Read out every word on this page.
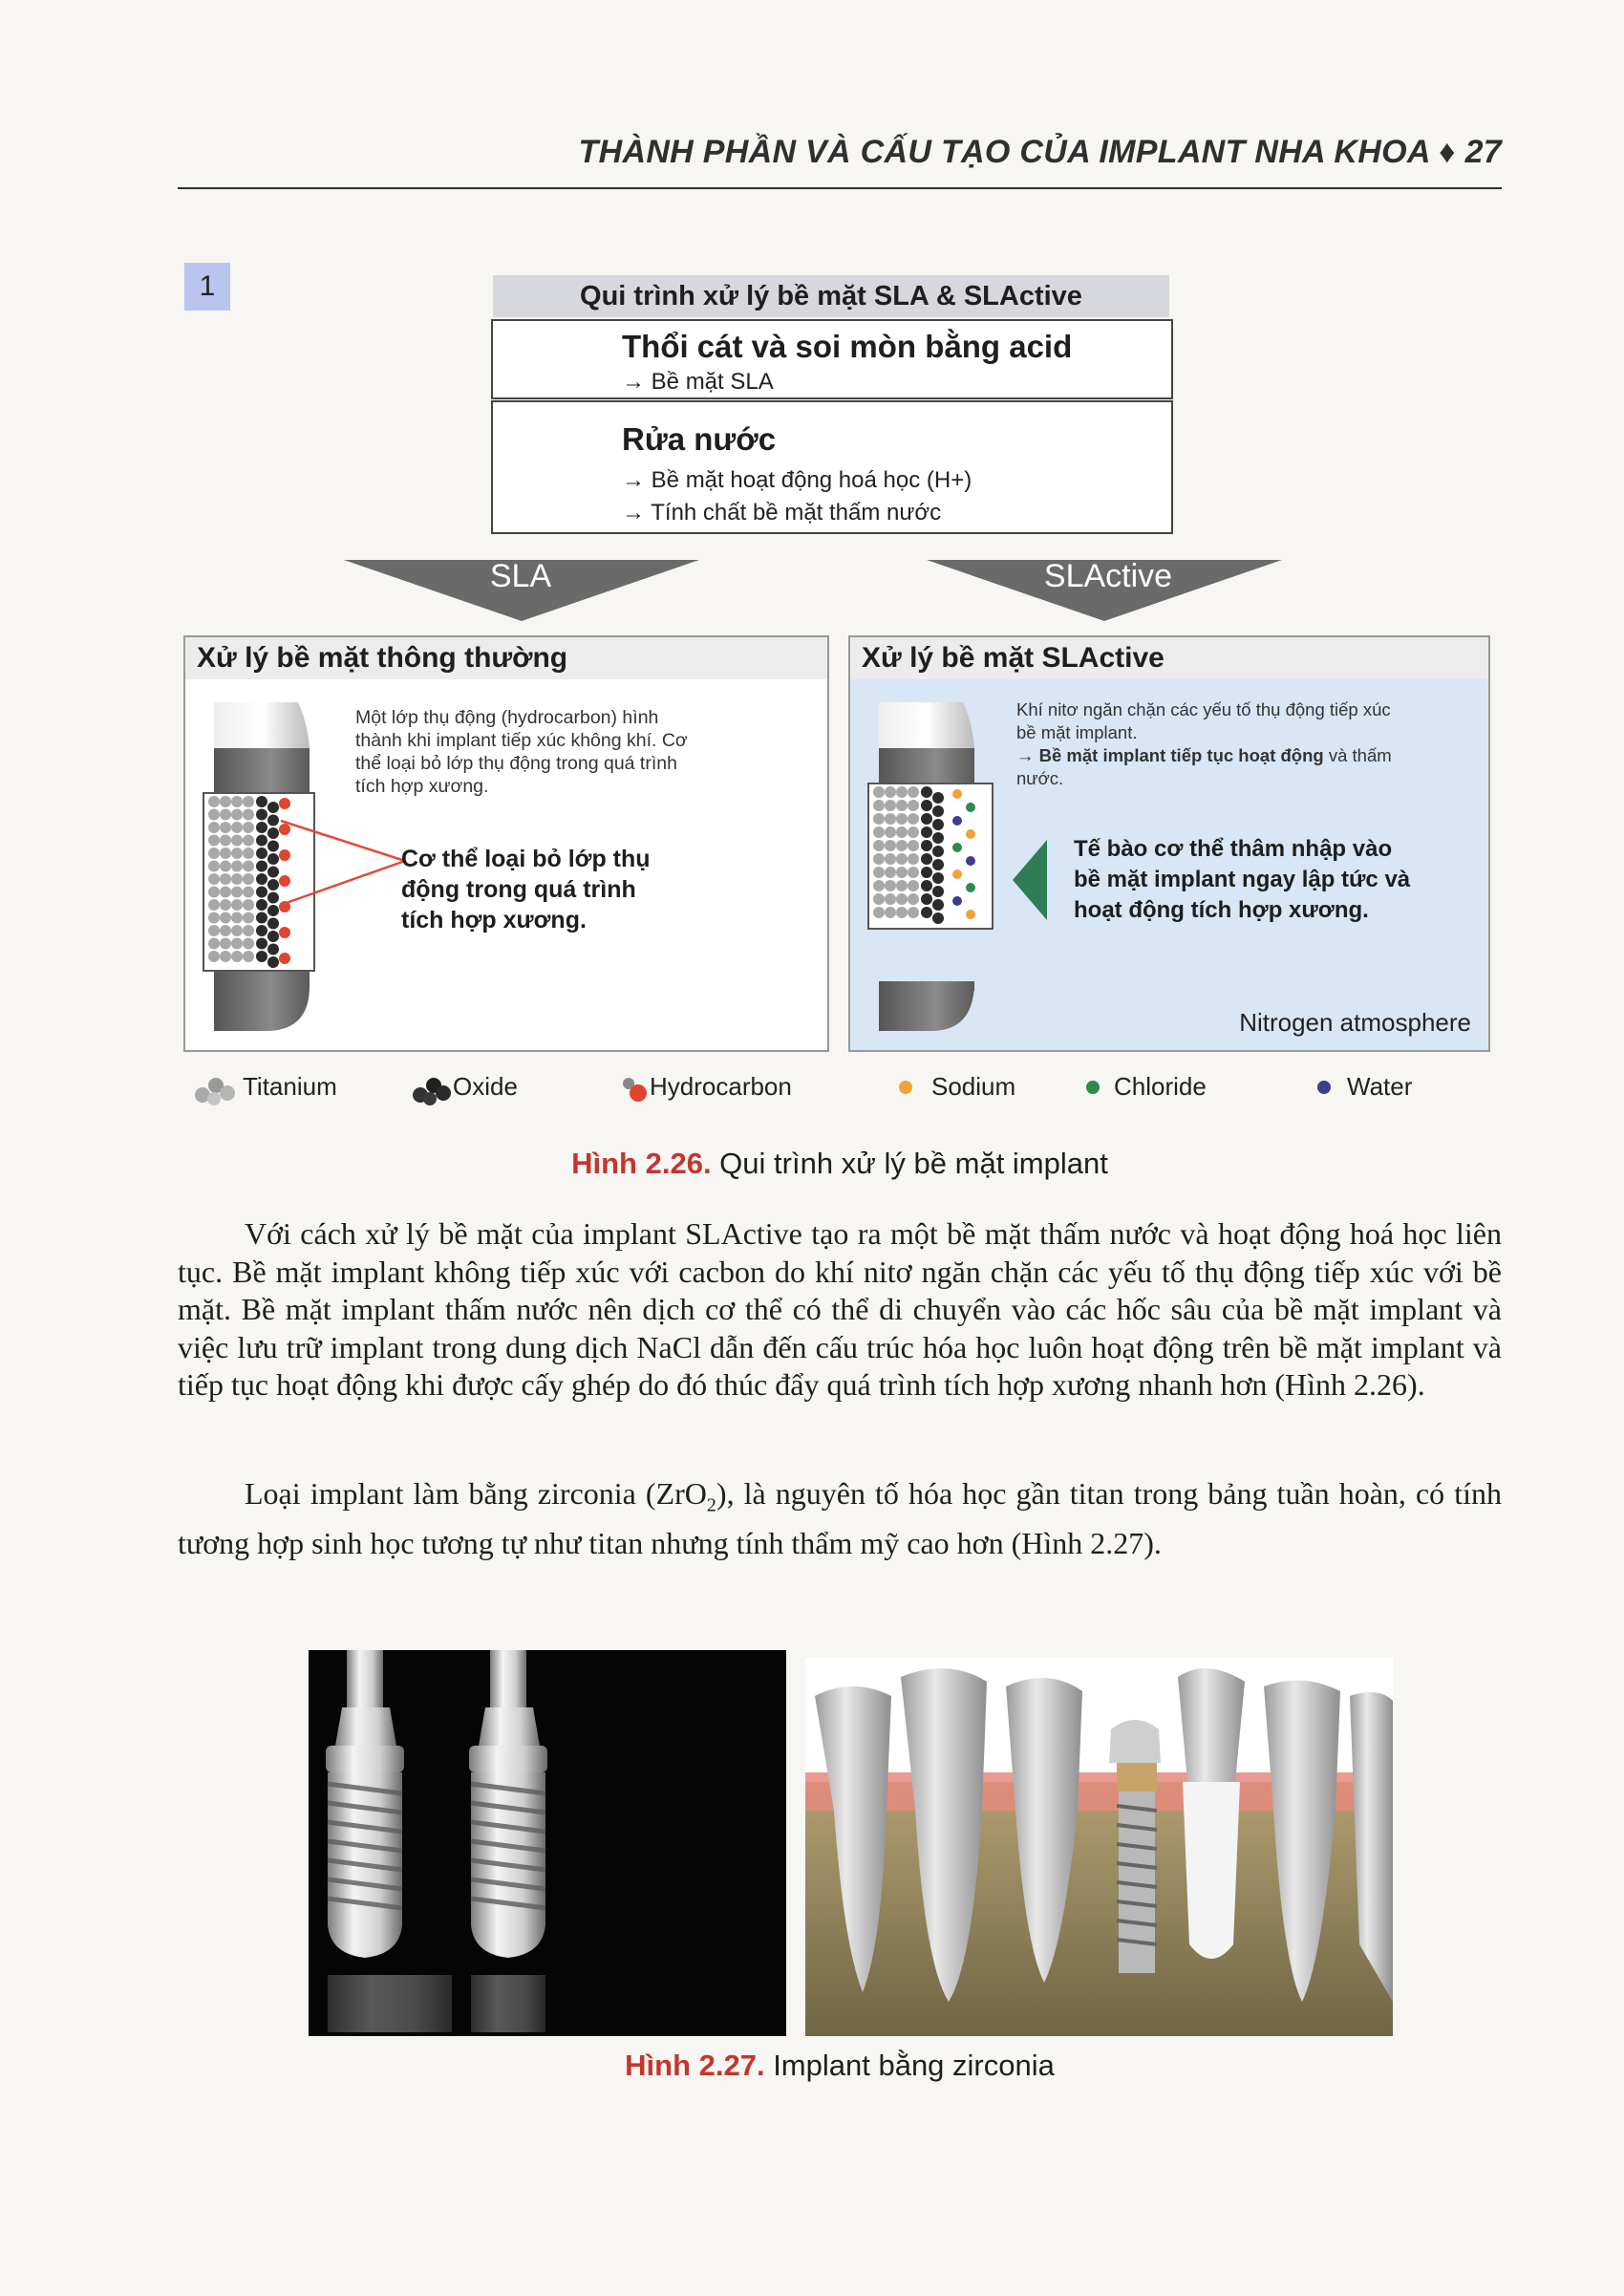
THÀNH PHẦN VÀ CẤU TẠO CỦA IMPLANT NHA KHOA ♦ 27
1	Qui trình xử lý bề mặt SLA & SLActive
Thổi cát và soi mòn bằng acid
→ Bề mặt SLA
Rửa nước
→ Bề mặt hoạt động hoá học (H+)
→ Tính chất bề mặt thấm nước
SLA	SLActive
Xử lý bề mặt thông thường
Một lớp thụ động (hydrocarbon) hình
thành khi implant tiếp xúc không khí. Cơ
thể loại bỏ lớp thụ động trong quá trình
tích hợp xương.
Cơ thể loại bỏ lớp thụ
động trong quá trình
tích hợp xương.
Xử lý bề mặt SLActive
Khí nitơ ngăn chặn các yếu tố thụ động tiếp xúc
bề mặt implant.
→ Bề mặt implant tiếp tục hoạt động và thấm
nước.
Tế bào cơ thể thâm nhập vào
bề mặt implant ngay lập tức và
hoạt động tích hợp xương.
Nitrogen atmosphere
Titanium	Oxide	Hydrocarbon	Sodium	Chloride	Water
Hình 2.26. Qui trình xử lý bề mặt implant
Với cách xử lý bề mặt của implant SLActive tạo ra một bề mặt thấm nước và hoạt động hoá học liên tục. Bề mặt implant không tiếp xúc với cacbon do khí nitơ ngăn chặn các yếu tố thụ động tiếp xúc với bề mặt. Bề mặt implant thấm nước nên dịch cơ thể có thể di chuyển vào các hốc sâu của bề mặt implant và việc lưu trữ implant trong dung dịch NaCl dẫn đến cấu trúc hóa học luôn hoạt động trên bề mặt implant và tiếp tục hoạt động khi được cấy ghép do đó thúc đẩy quá trình tích hợp xương nhanh hơn (Hình 2.26).
Loại implant làm bằng zirconia (ZrO$_2$), là nguyên tố hóa học gần titan trong bảng tuần hoàn, có tính tương hợp sinh học tương tự như titan nhưng tính thẩm mỹ cao hơn (Hình 2.27).
Hình 2.27. Implant bằng zirconia
